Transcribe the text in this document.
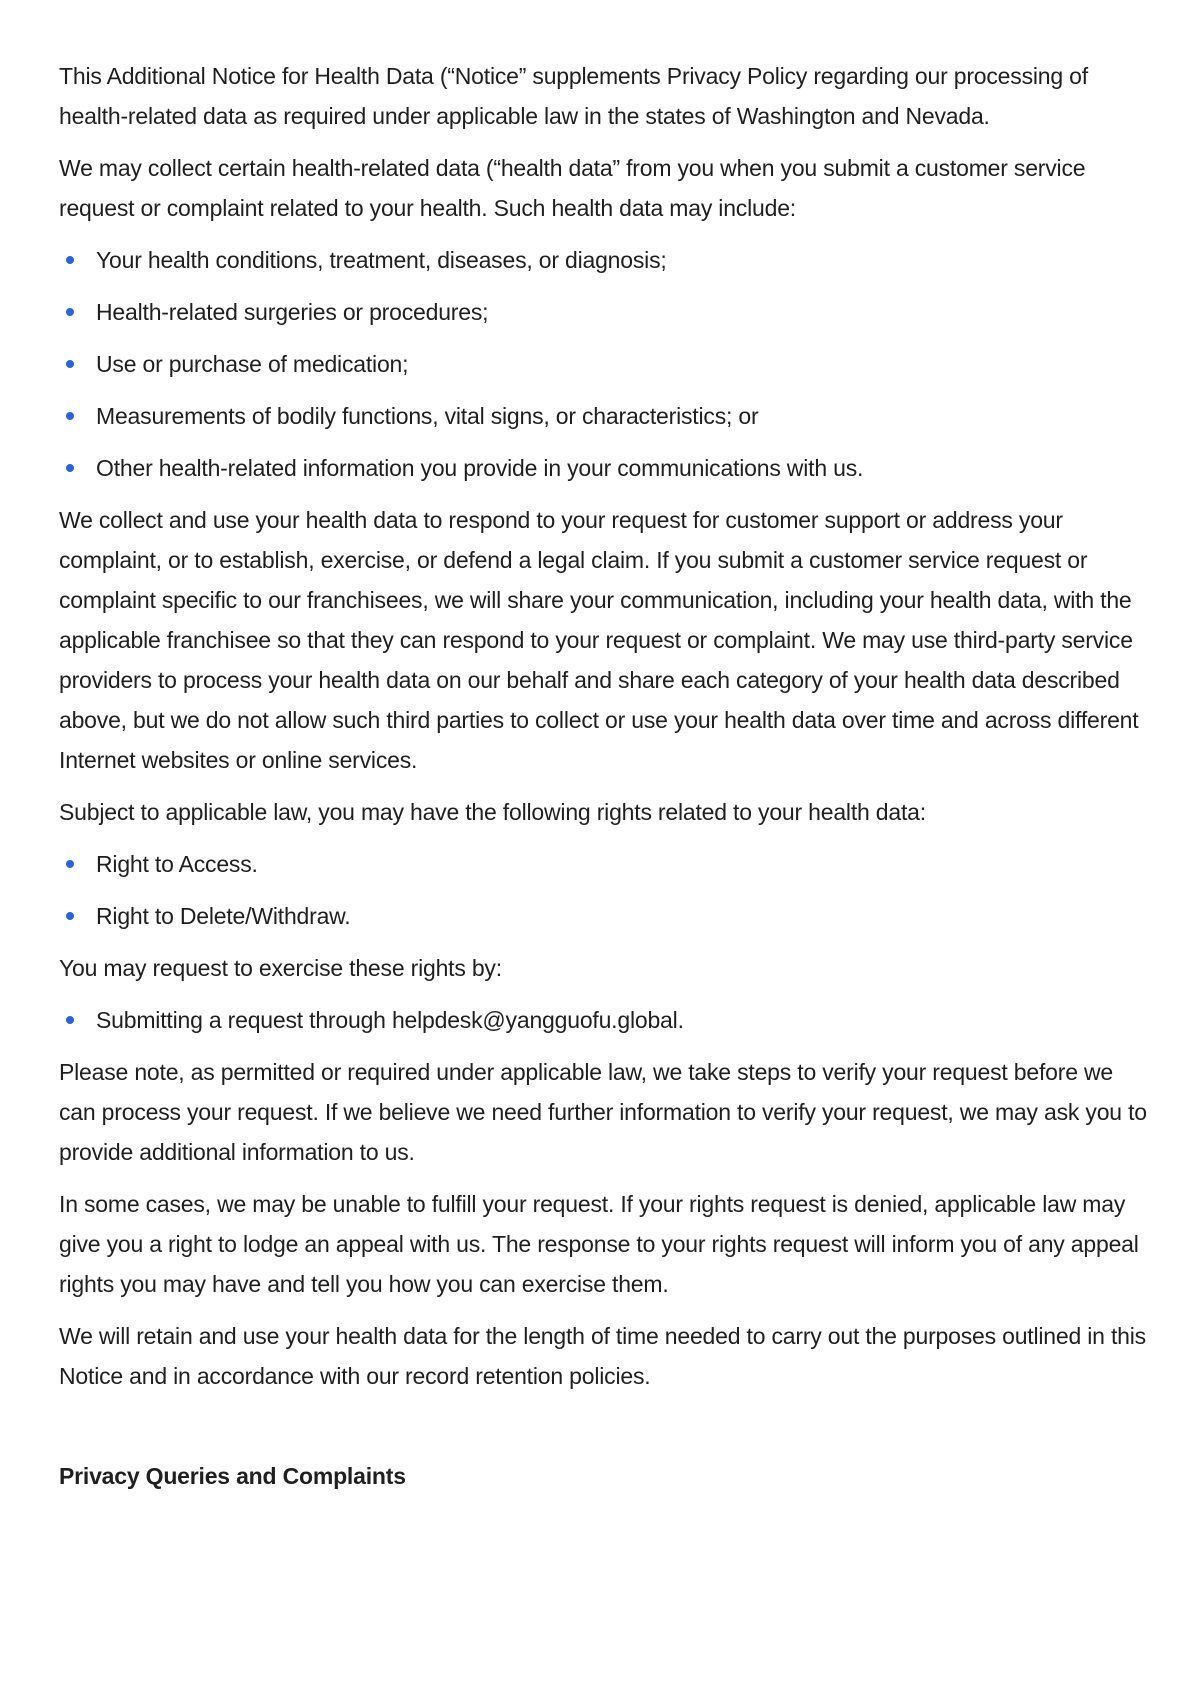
This Additional Notice for Health Data (“Notice” supplements Privacy Policy regarding our processing of health-related data as required under applicable law in the states of Washington and Nevada.

We may collect certain health-related data (“health data” from you when you submit a customer service request or complaint related to your health. Such health data may include:

Your health conditions, treatment, diseases, or diagnosis;
Health-related surgeries or procedures;
Use or purchase of medication;
Measurements of bodily functions, vital signs, or characteristics; or
Other health-related information you provide in your communications with us.

We collect and use your health data to respond to your request for customer support or address your complaint, or to establish, exercise, or defend a legal claim. If you submit a customer service request or complaint specific to our franchisees, we will share your communication, including your health data, with the applicable franchisee so that they can respond to your request or complaint. We may use third-party service providers to process your health data on our behalf and share each category of your health data described above, but we do not allow such third parties to collect or use your health data over time and across different Internet websites or online services.

Subject to applicable law, you may have the following rights related to your health data:

Right to Access.
Right to Delete/Withdraw.

You may request to exercise these rights by:

Submitting a request through helpdesk@yangguofu.global.

Please note, as permitted or required under applicable law, we take steps to verify your request before we can process your request. If we believe we need further information to verify your request, we may ask you to provide additional information to us.

In some cases, we may be unable to fulfill your request. If your rights request is denied, applicable law may give you a right to lodge an appeal with us. The response to your rights request will inform you of any appeal rights you may have and tell you how you can exercise them.

We will retain and use your health data for the length of time needed to carry out the purposes outlined in this Notice and in accordance with our record retention policies.

Privacy Queries and Complaints
